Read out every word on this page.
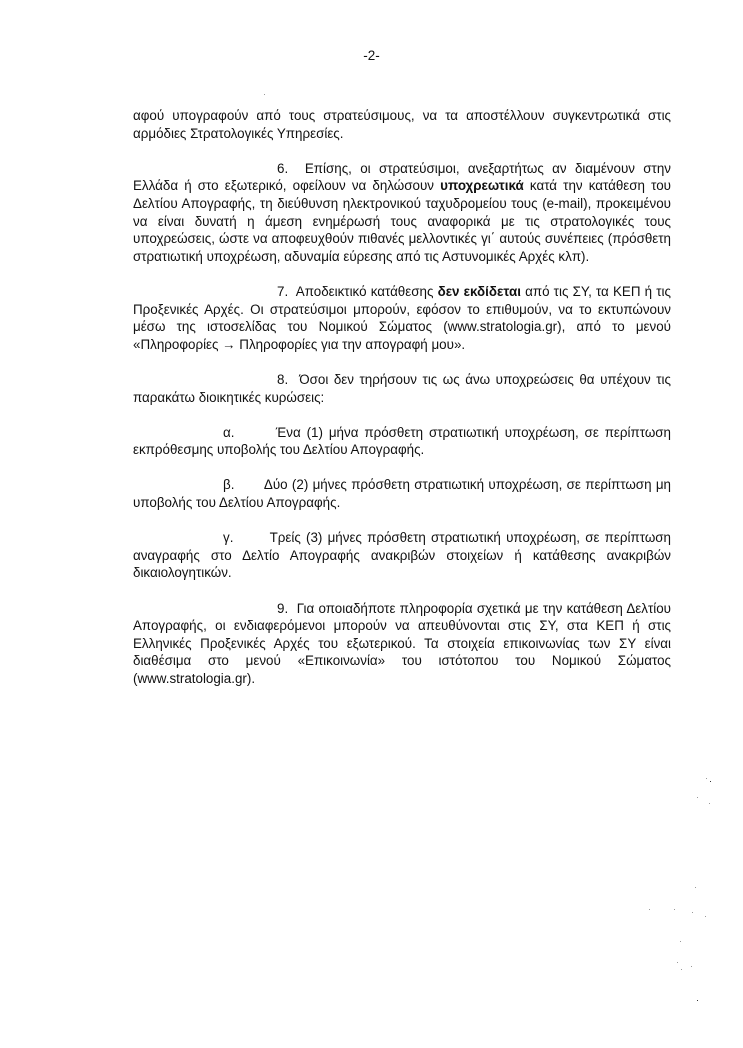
-2-

αφού υπογραφούν από τους στρατεύσιμους, να τα αποστέλλουν συγκεντρωτικά στις αρμόδιες Στρατολογικές Υπηρεσίες.

6. Επίσης, οι στρατεύσιμοι, ανεξαρτήτως αν διαμένουν στην Ελλάδα ή στο εξωτερικό, οφείλουν να δηλώσουν υποχρεωτικά κατά την κατάθεση του Δελτίου Απογραφής, τη διεύθυνση ηλεκτρονικού ταχυδρομείου τους (e-mail), προκειμένου να είναι δυνατή η άμεση ενημέρωσή τους αναφορικά με τις στρατολογικές τους υποχρεώσεις, ώστε να αποφευχθούν πιθανές μελλοντικές γι΄ αυτούς συνέπειες (πρόσθετη στρατιωτική υποχρέωση, αδυναμία εύρεσης από τις Αστυνομικές Αρχές κλπ).

7. Αποδεικτικό κατάθεσης δεν εκδίδεται από τις ΣΥ, τα ΚΕΠ ή τις Προξενικές Αρχές. Οι στρατεύσιμοι μπορούν, εφόσον το επιθυμούν, να το εκτυπώνουν μέσω της ιστοσελίδας του Νομικού Σώματος (www.stratologia.gr), από το μενού «Πληροφορίες → Πληροφορίες για την απογραφή μου».

8. Όσοι δεν τηρήσουν τις ως άνω υποχρεώσεις θα υπέχουν τις παρακάτω διοικητικές κυρώσεις:

α.	Ένα (1) μήνα πρόσθετη στρατιωτική υποχρέωση, σε περίπτωση εκπρόθεσμης υποβολής του Δελτίου Απογραφής.

β. Δύο (2) μήνες πρόσθετη στρατιωτική υποχρέωση, σε περίπτωση μη υποβολής του Δελτίου Απογραφής.

γ.	Τρείς (3) μήνες πρόσθετη στρατιωτική υποχρέωση, σε περίπτωση αναγραφής στο Δελτίο Απογραφής ανακριβών στοιχείων ή κατάθεσης ανακριβών δικαιολογητικών.

9. Για οποιαδήποτε πληροφορία σχετικά με την κατάθεση Δελτίου Απογραφής, οι ενδιαφερόμενοι μπορούν να απευθύνονται στις ΣΥ, στα ΚΕΠ ή στις Ελληνικές Προξενικές Αρχές του εξωτερικού. Τα στοιχεία επικοινωνίας των ΣΥ είναι διαθέσιμα στο μενού «Επικοινωνία» του ιστότοπου του Νομικού Σώματος (www.stratologia.gr).
